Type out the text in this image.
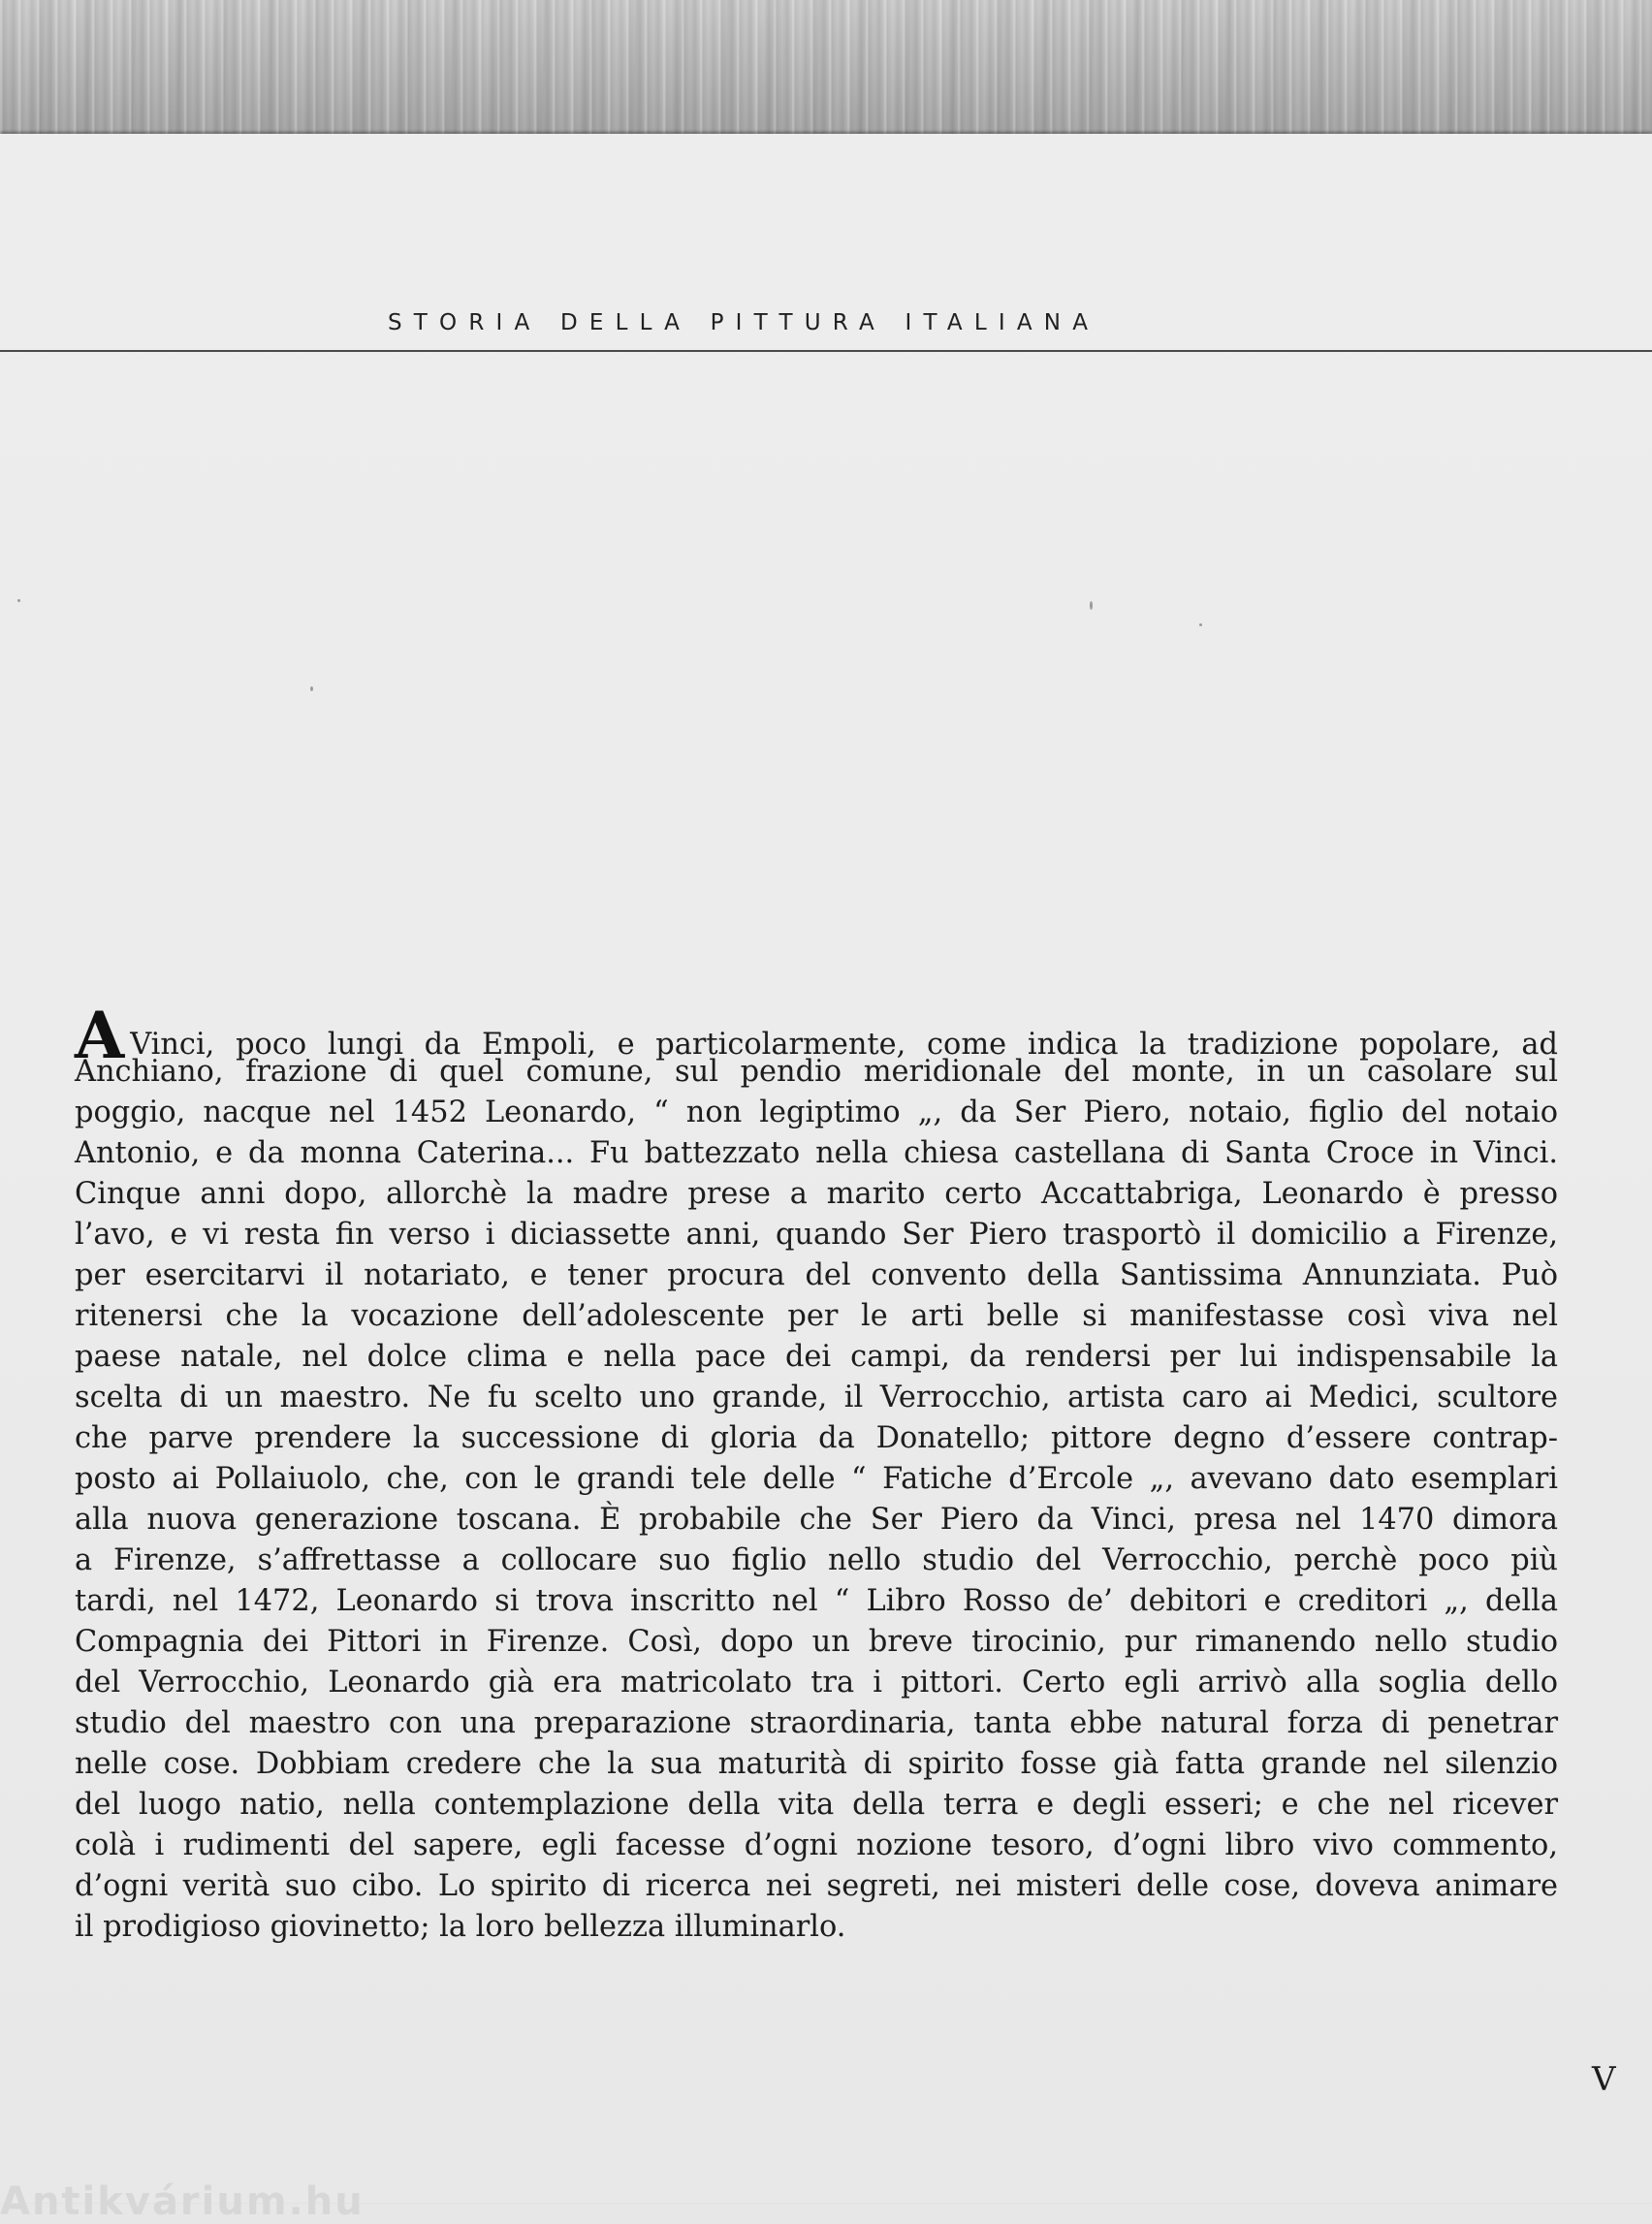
STORIA DELLA PITTURA ITALIANA
A Vinci, poco lungi da Empoli, e particolarmente, come indica la tradizione popolare, ad
Anchiano, frazione di quel comune, sul pendio meridionale del monte, in un casolare sul
poggio, nacque nel 1452 Leonardo, “ non legiptimo „, da Ser Piero, notaio, figlio del notaio
Antonio, e da monna Caterina... Fu battezzato nella chiesa castellana di Santa Croce in Vinci.
Cinque anni dopo, allorchè la madre prese a marito certo Accattabriga, Leonardo è presso
l’avo, e vi resta fin verso i diciassette anni, quando Ser Piero trasportò il domicilio a Firenze,
per esercitarvi il notariato, e tener procura del convento della Santissima Annunziata. Può
ritenersi che la vocazione dell’adolescente per le arti belle si manifestasse così viva nel
paese natale, nel dolce clima e nella pace dei campi, da rendersi per lui indispensabile la
scelta di un maestro. Ne fu scelto uno grande, il Verrocchio, artista caro ai Medici, scultore
che parve prendere la successione di gloria da Donatello; pittore degno d’essere contrap-
posto ai Pollaiuolo, che, con le grandi tele delle “ Fatiche d’Ercole „, avevano dato esemplari
alla nuova generazione toscana. È probabile che Ser Piero da Vinci, presa nel 1470 dimora
a Firenze, s’affrettasse a collocare suo figlio nello studio del Verrocchio, perchè poco più
tardi, nel 1472, Leonardo si trova inscritto nel “ Libro Rosso de’ debitori e creditori „, della
Compagnia dei Pittori in Firenze. Così, dopo un breve tirocinio, pur rimanendo nello studio
del Verrocchio, Leonardo già era matricolato tra i pittori. Certo egli arrivò alla soglia dello
studio del maestro con una preparazione straordinaria, tanta ebbe natural forza di penetrar
nelle cose. Dobbiam credere che la sua maturità di spirito fosse già fatta grande nel silenzio
del luogo natio, nella contemplazione della vita della terra e degli esseri; e che nel ricever
colà i rudimenti del sapere, egli facesse d’ogni nozione tesoro, d’ogni libro vivo commento,
d’ogni verità suo cibo. Lo spirito di ricerca nei segreti, nei misteri delle cose, doveva animare
il prodigioso giovinetto; la loro bellezza illuminarlo.
V
Antikvárium.hu
